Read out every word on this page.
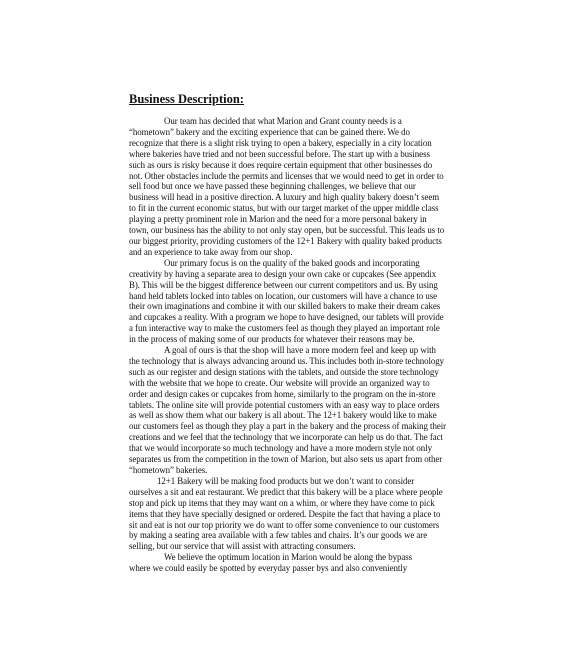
Business Description:
Our team has decided that what Marion and Grant county needs is a
“hometown” bakery and the exciting experience that can be gained there. We do
recognize that there is a slight risk trying to open a bakery, especially in a city location
where bakeries have tried and not been successful before. The start up with a business
such as ours is risky because it does require certain equipment that other businesses do
not. Other obstacles include the permits and licenses that we would need to get in order to
sell food but once we have passed these beginning challenges, we believe that our
business will head in a positive direction. A luxury and high quality bakery doesn’t seem
to fit in the current economic status, but with our target market of the upper middle class
playing a pretty prominent role in Marion and the need for a more personal bakery in
town, our business has the ability to not only stay open, but be successful. This leads us to
our biggest priority, providing customers of the 12+1 Bakery with quality baked products
and an experience to take away from our shop.
Our primary focus is on the quality of the baked goods and incorporating
creativity by having a separate area to design your own cake or cupcakes (See appendix
B). This will be the biggest difference between our current competitors and us. By using
hand held tablets locked into tables on location, our customers will have a chance to use
their own imaginations and combine it with our skilled bakers to make their dream cakes
and cupcakes a reality. With a program we hope to have designed, our tablets will provide
a fun interactive way to make the customers feel as though they played an important role
in the process of making some of our products for whatever their reasons may be.
A goal of ours is that the shop will have a more modern feel and keep up with
the technology that is always advancing around us. This includes both in-store technology
such as our register and design stations with the tablets, and outside the store technology
with the website that we hope to create. Our website will provide an organized way to
order and design cakes or cupcakes from home, similarly to the program on the in-store
tablets. The online site will provide potential customers with an easy way to place orders
as well as show them what our bakery is all about. The 12+1 bakery would like to make
our customers feel as though they play a part in the bakery and the process of making their
creations and we feel that the technology that we incorporate can help us do that. The fact
that we would incorporate so much technology and have a more modern style not only
separates us from the competition in the town of Marion, but also sets us apart from other
“hometown” bakeries.
12+1 Bakery will be making food products but we don’t want to consider
ourselves a sit and eat restaurant. We predict that this bakery will be a place where people
stop and pick up items that they may want on a whim, or where they have come to pick
items that they have specially designed or ordered. Despite the fact that having a place to
sit and eat is not our top priority we do want to offer some convenience to our customers
by making a seating area available with a few tables and chairs. It’s our goods we are
selling, but our service that will assist with attracting consumers.
We believe the optimum location in Marion would be along the bypass
where we could easily be spotted by everyday passer bys and also conveniently
